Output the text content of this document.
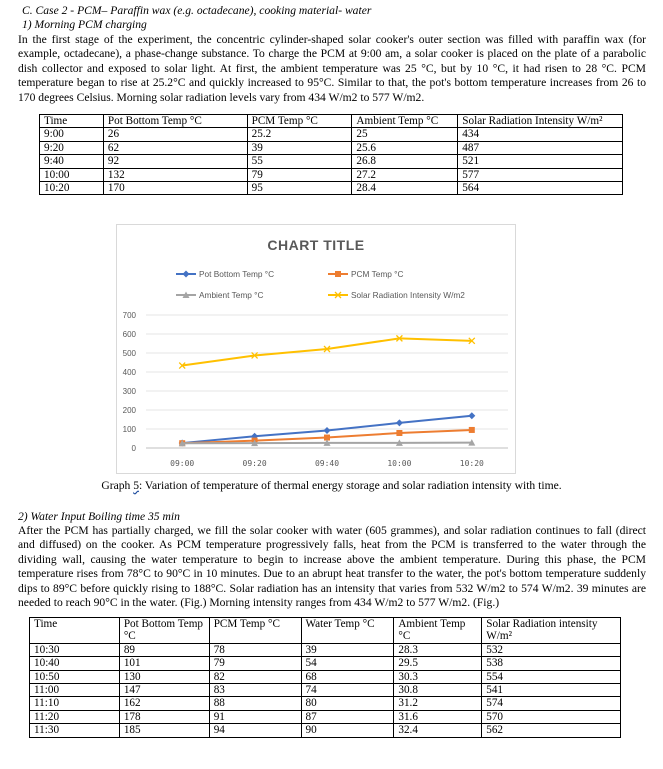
C. Case 2 - PCM– Paraffin wax (e.g. octadecane), cooking material- water
1) Morning PCM charging
In the first stage of the experiment, the concentric cylinder-shaped solar cooker's outer section was filled with paraffin wax (for example, octadecane), a phase-change substance. To charge the PCM at 9:00 am, a solar cooker is placed on the plate of a parabolic dish collector and exposed to solar light. At first, the ambient temperature was 25 °C, but by 10 °C, it had risen to 28 °C. PCM temperature began to rise at 25.2°C and quickly increased to 95°C. Similar to that, the pot's bottom temperature increases from 26 to 170 degrees Celsius. Morning solar radiation levels vary from 434 W/m2 to 577 W/m2.
Time	Pot Bottom Temp °C	PCM Temp °C	Ambient Temp °C	Solar Radiation Intensity W/m²
9:00	26	25.2	25	434
9:20	62	39	25.6	487
9:40	92	55	26.8	521
10:00	132	79	27.2	577
10:20	170	95	28.4	564
CHART TITLE
0
100
200
300
400
500
600
700
09:00	09:20	09:40	10:00	10:20
Pot Bottom Temp °C	PCM Temp °C
Ambient Temp °C	Solar Radiation Intensity W/m2
Graph 5: Variation of temperature of thermal energy storage and solar radiation intensity with time.
2) Water Input Boiling time 35 min
After the PCM has partially charged, we fill the solar cooker with water (605 grammes), and solar radiation continues to fall (direct and diffused) on the cooker. As PCM temperature progressively falls, heat from the PCM is transferred to the water through the dividing wall, causing the water temperature to begin to increase above the ambient temperature. During this phase, the PCM temperature rises from 78°C to 90°C in 10 minutes. Due to an abrupt heat transfer to the water, the pot's bottom temperature suddenly dips to 89°C before quickly rising to 188°C. Solar radiation has an intensity that varies from 532 W/m2 to 574 W/m2. 39 minutes are needed to reach 90°C in the water. (Fig.) Morning intensity ranges from 434 W/m2 to 577 W/m2. (Fig.)
Time	Pot Bottom Temp °C	PCM Temp °C	Water Temp °C	Ambient Temp °C	Solar Radiation intensity W/m²
10:30	89	78	39	28.3	532
10:40	101	79	54	29.5	538
10:50	130	82	68	30.3	554
11:00	147	83	74	30.8	541
11:10	162	88	80	31.2	574
11:20	178	91	87	31.6	570
11:30	185	94	90	32.4	562
